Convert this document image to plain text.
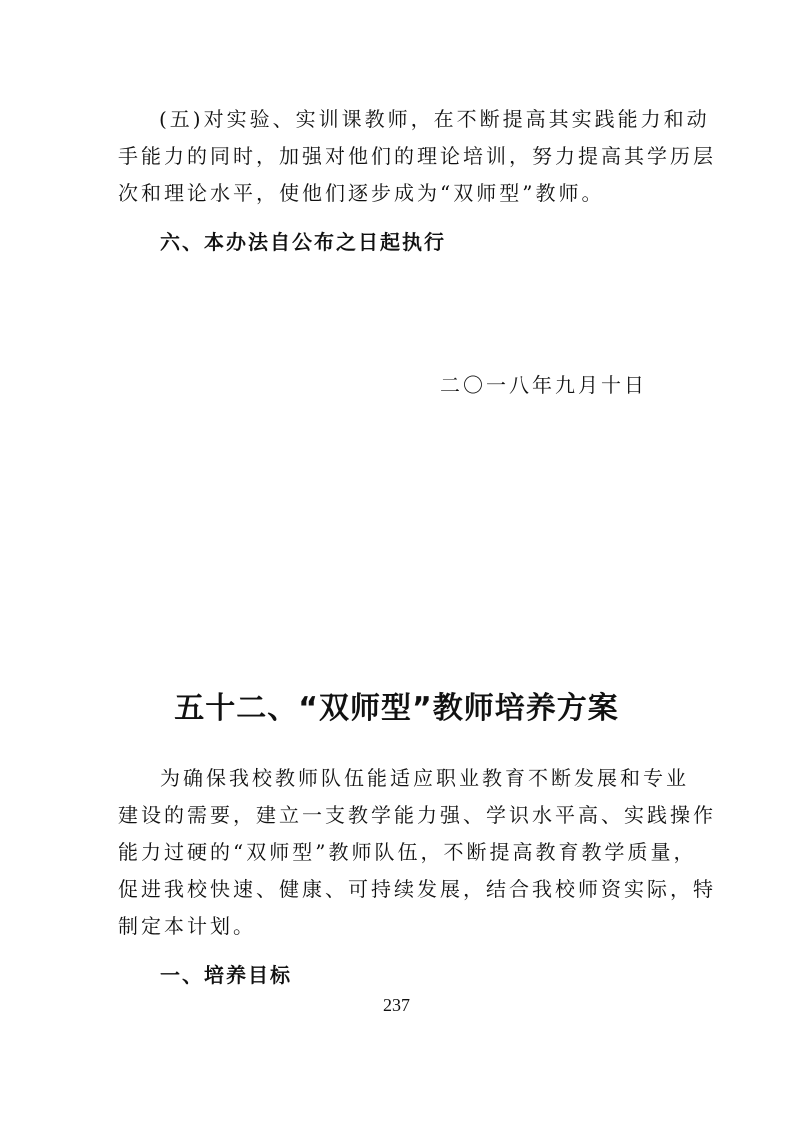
(五)对实验、实训课教师，在不断提高其实践能力和动
手能力的同时，加强对他们的理论培训，努力提高其学历层
次和理论水平，使他们逐步成为“双师型”教师。
六、本办法自公布之日起执行
二〇一八年九月十日
五十二、“双师型”教师培养方案
为确保我校教师队伍能适应职业教育不断发展和专业
建设的需要，建立一支教学能力强、学识水平高、实践操作
能力过硬的“双师型”教师队伍，不断提高教育教学质量，
促进我校快速、健康、可持续发展，结合我校师资实际，特
制定本计划。
一、培养目标
237
